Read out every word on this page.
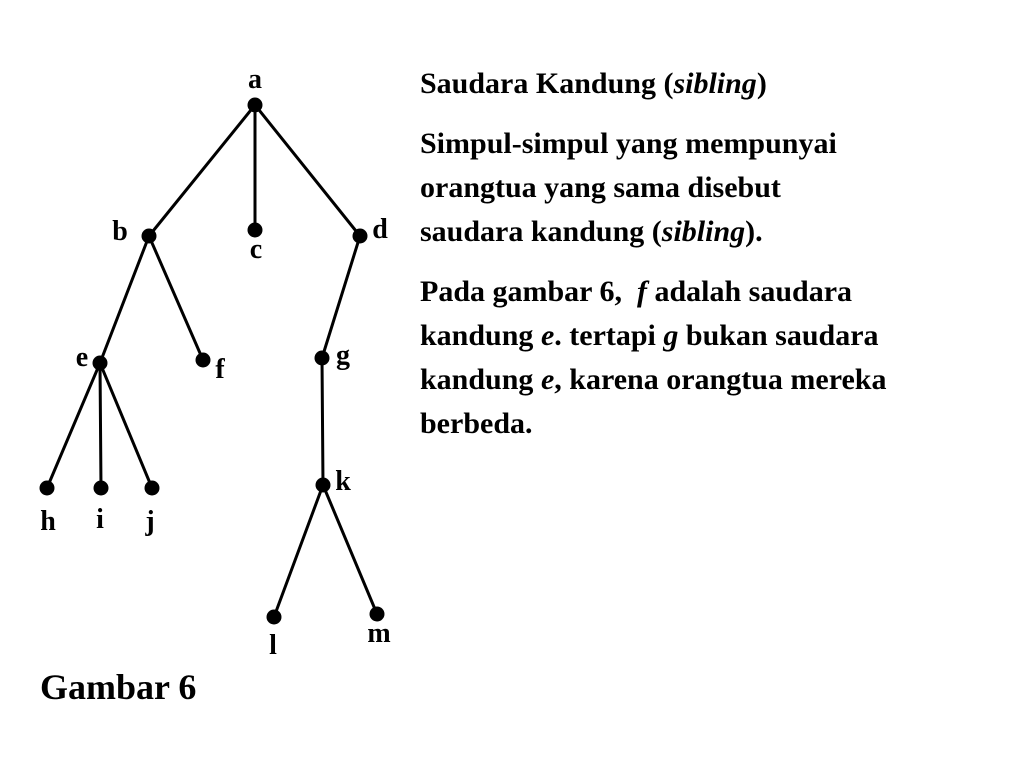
a
b
c
d
e	f	g
h i j
k
l	m

Saudara Kandung (sibling)

Simpul-simpul yang mempunyai
orangtua yang sama disebut
saudara kandung (sibling).

Pada gambar 6, f adalah saudara
kandung e. tertapi g bukan saudara
kandung e, karena orangtua mereka
berbeda.

Gambar 6
